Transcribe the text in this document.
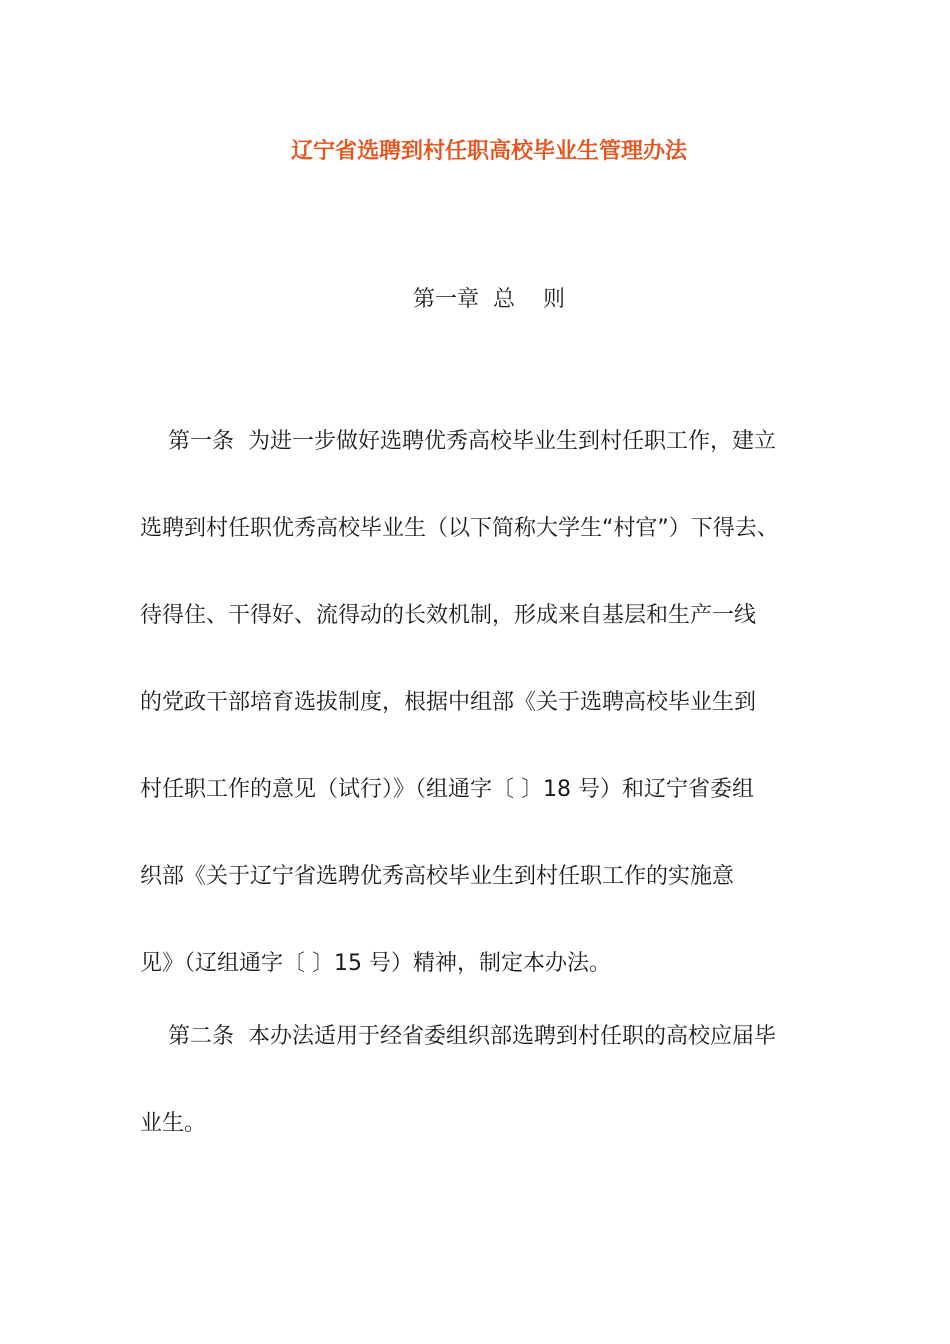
辽宁省选聘到村任职高校毕业生管理办法
第一章  总    则
第一条  为进一步做好选聘优秀高校毕业生到村任职工作，建立
选聘到村任职优秀高校毕业生（以下简称大学生“村官”）下得去、
待得住、干得好、流得动的长效机制，形成来自基层和生产一线
的党政干部培育选拔制度，根据中组部《关于选聘高校毕业生到
村任职工作的意见（试行）》（组通字〔 〕18 号）和辽宁省委组
织部《关于辽宁省选聘优秀高校毕业生到村任职工作的实施意
见》（辽组通字〔 〕15 号）精神，制定本办法。
第二条  本办法适用于经省委组织部选聘到村任职的高校应届毕
业生。
